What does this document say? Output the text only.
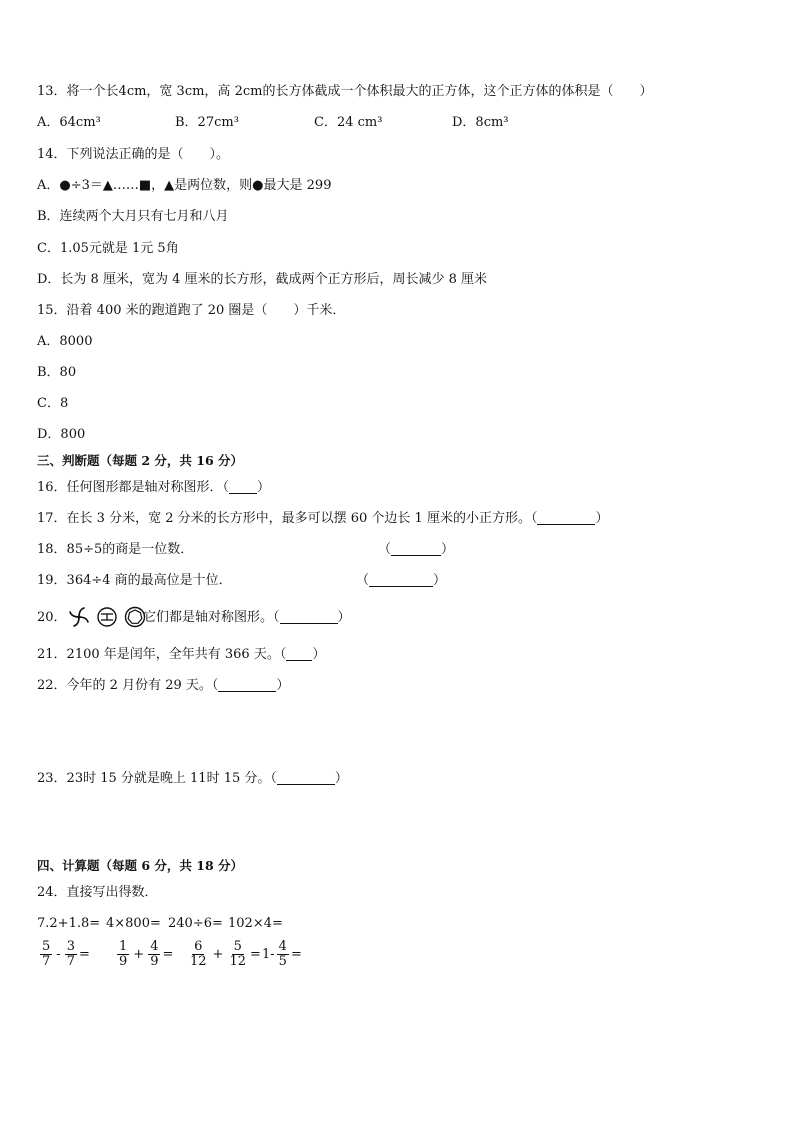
13．将一个长4cm，宽 3cm，高 2cm的长方体截成一个体积最大的正方体，这个正方体的体积是（　　）
A．64cm³	B．27cm³	C．24 cm³	D．8cm³
14．下列说法正确的是（　　）。
A．●÷3＝▲……■，▲是两位数，则●最大是 299
B．连续两个大月只有七月和八月
C．1.05元就是 1元 5角
D．长为 8 厘米，宽为 4 厘米的长方形，截成两个正方形后，周长减少 8 厘米
15．沿着 400 米的跑道跑了 20 圈是（　　）千米．
A．8000
B．80
C．8
D．800
三、判断题（每题 2 分，共 16 分）
16．任何图形都是轴对称图形．（ ）
17．在长 3 分米，宽 2 分米的长方形中，最多可以摆 60 个边长 1 厘米的小正方形。（	）
18．85÷5的商是一位数．	（	）
19．364÷4 商的最高位是十位．	（	）
20．	它们都是轴对称图形。（	）
21．2100 年是闰年，全年共有 366 天。（ ）
22．今年的 2 月份有 29 天。（	）
23．23时 15 分就是晚上 11时 15 分。（	）
四、计算题（每题 6 分，共 18 分）
24．直接写出得数．
7.2+1.8= 4×800= 240÷6= 102×4=
$\frac{5}{7} - \frac{3}{7} = \frac{1}{9} + \frac{4}{9} = \frac{6}{12} + \frac{5}{12} = 1- \frac{4}{5}$ =
